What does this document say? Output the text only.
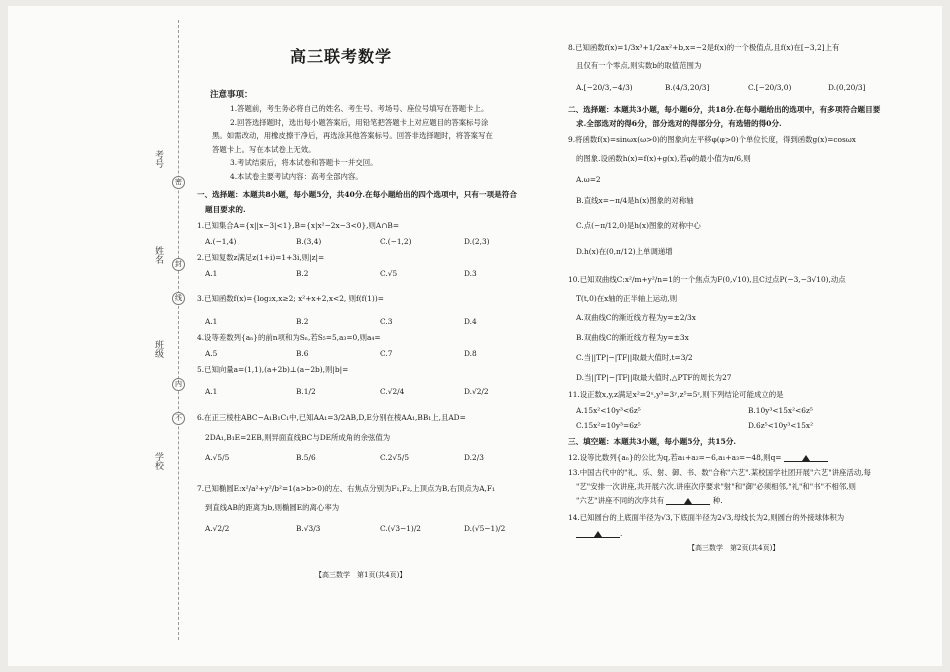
考号
姓名
班级
学校
密
封
线
内
不
高三联考数学
注意事项：
1.答题前，考生务必将自己的姓名、考生号、考场号、座位号填写在答题卡上。
2.回答选择题时，选出每小题答案后，用铅笔把答题卡上对应题目的答案标号涂
黑。如需改动，用橡皮擦干净后，再选涂其他答案标号。回答非选择题时，将答案写在
答题卡上。写在本试卷上无效。
3.考试结束后，将本试卷和答题卡一并交回。
4.本试卷主要考试内容：高考全部内容。
一、选择题：本题共8小题，每小题5分，共40分.在每小题给出的四个选项中，只有一项是符合
题目要求的.
1.已知集合A={x||x−3|<1},B={x|x²−2x−3<0},则A∩B=
A.(−1,4)	B.(3,4)	C.(−1,2)	D.(2,3)
2.已知复数z满足z(1+i)=1+3i,则|z|=
A.1	B.2	C.√5	D.3
3.已知函数f(x)={log₂x,x≥2; x²+x+2,x<2, 则f(f(1))=
A.1	B.2	C.3	D.4
4.设等差数列{aₙ}的前n项和为Sₙ,若S₅=5,a₃=0,则a₄=
A.5	B.6	C.7	D.8
5.已知向量a=(1,1),(a+2b)⊥(a−2b),则|b|=
A.1	B.1/2	C.√2/4	D.√2/2
6.在正三棱柱ABC−A₁B₁C₁中,已知AA₁=3/2AB,D,E分别在棱AA₁,BB₁上,且AD=
2DA₁,B₁E=2EB,则异面直线BC与DE所成角的余弦值为
A.√5/5	B.5/6	C.2√5/5	D.2/3
7.已知椭圆E:x²/a²+y²/b²=1(a>b>0)的左、右焦点分别为F₁,F₂,上顶点为B,右顶点为A,F₁
到直线AB的距离为b,则椭圆E的离心率为
A.√2/2	B.√3/3	C.(√3−1)/2	D.(√5−1)/2
【高三数学　第1页(共4页)】
8.已知函数f(x)=1/3x³+1/2ax²+b,x=−2是f(x)的一个极值点,且f(x)在[−3,2]上有
且仅有一个零点,则实数b的取值范围为
A.[−20/3,−4/3)	B.(4/3,20/3]	C.[−20/3,0)	D.(0,20/3]
二、选择题：本题共3小题，每小题6分，共18分.在每小题给出的选项中，有多项符合题目要
求.全部选对的得6分，部分选对的得部分分，有选错的得0分.
9.将函数f(x)=sinωx(ω>0)的图象向左平移φ(φ>0)个单位长度，得到函数g(x)=cosωx
的图象.设函数h(x)=f(x)+g(x),若φ的最小值为π/6,则
A.ω=2
B.直线x=−π/4是h(x)图象的对称轴
C.点(−π/12,0)是h(x)图象的对称中心
D.h(x)在(0,π/12)上单调递增
10.已知双曲线C:x²/m+y²/n=1的一个焦点为F(0,√10),且C过点P(−3,−3√10),动点
T(t,0)在x轴的正半轴上运动,则
A.双曲线C的渐近线方程为y=±2/3x
B.双曲线C的渐近线方程为y=±3x
C.当||TP|−|TF||取最大值时,t=3/2
D.当||TP|−|TF||取最大值时,△PTF的周长为27
11.设正数x,y,z满足x²=2ˣ,y³=3ʸ,z⁵=5ᶻ,则下列结论可能成立的是
A.15x²<10y³<6z⁵	B.10y³<15x²<6z⁵
C.15x²=10y³=6z⁵	D.6z⁵<10y³<15x²
三、填空题：本题共3小题，每小题5分，共15分.
12.设等比数列{aₙ}的公比为q,若a₁+a₂=−6,a₁+a₃=−48,则q=
13.中国古代中的"礼、乐、射、御、书、数"合称"六艺".某校国学社团开展"六艺"讲座活动,每
"艺"安排一次讲座,共开展六次.讲座次序要求"射"和"御"必须相邻,"礼"和"书"不相邻,则
"六艺"讲座不同的次序共有	种.
14.已知圆台的上底面半径为√3,下底面半径为2√3,母线长为2,则圆台的外接球体积为
.
【高三数学　第2页(共4页)】
